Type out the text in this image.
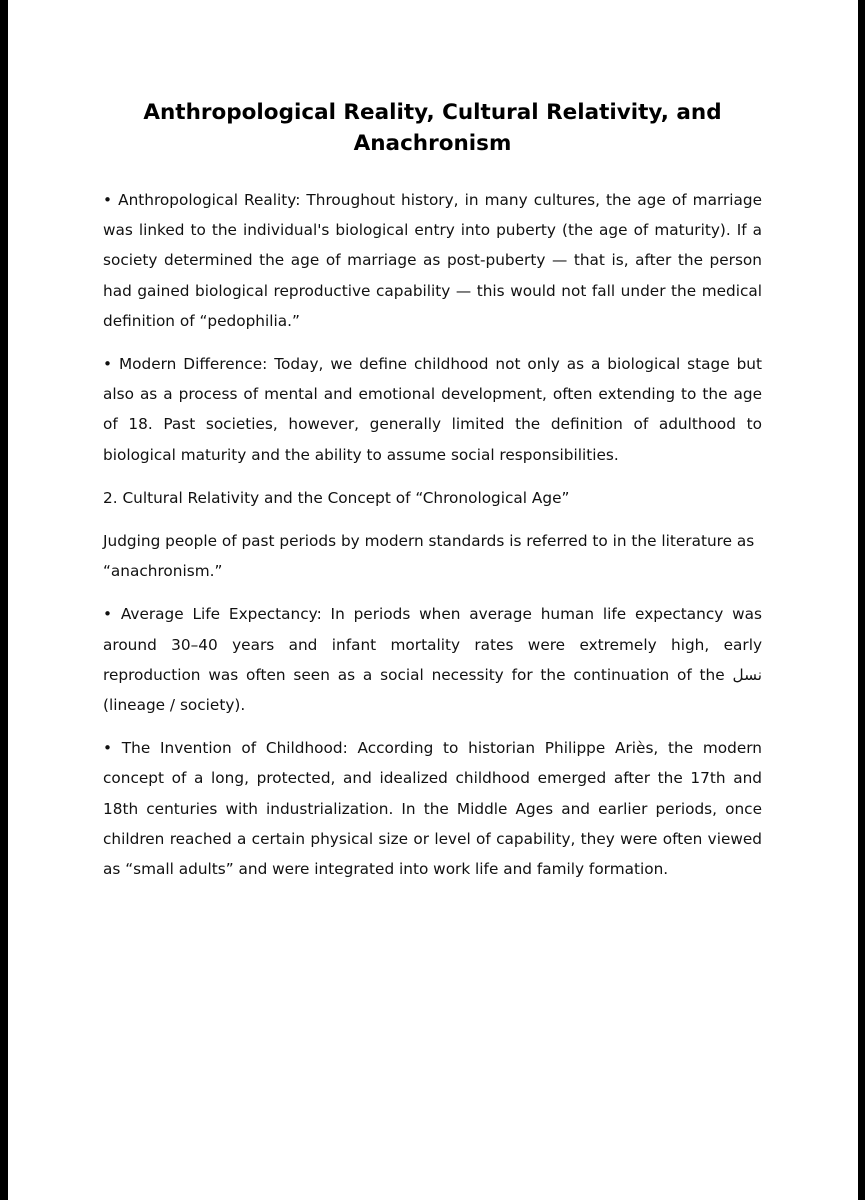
Anthropological Reality, Cultural Relativity, and Anachronism

• Anthropological Reality: Throughout history, in many cultures, the age of marriage was linked to the individual's biological entry into puberty (the age of maturity). If a society determined the age of marriage as post-puberty — that is, after the person had gained biological reproductive capability — this would not fall under the medical definition of “pedophilia.”

• Modern Difference: Today, we define childhood not only as a biological stage but also as a process of mental and emotional development, often extending to the age of 18. Past societies, however, generally limited the definition of adulthood to biological maturity and the ability to assume social responsibilities.

2. Cultural Relativity and the Concept of “Chronological Age”

Judging people of past periods by modern standards is referred to in the literature as “anachronism.”

• Average Life Expectancy: In periods when average human life expectancy was around 30–40 years and infant mortality rates were extremely high, early reproduction was often seen as a social necessity for the continuation of the نسل (lineage / society).

• The Invention of Childhood: According to historian Philippe Ariès, the modern concept of a long, protected, and idealized childhood emerged after the 17th and 18th centuries with industrialization. In the Middle Ages and earlier periods, once children reached a certain physical size or level of capability, they were often viewed as “small adults” and were integrated into work life and family formation.
